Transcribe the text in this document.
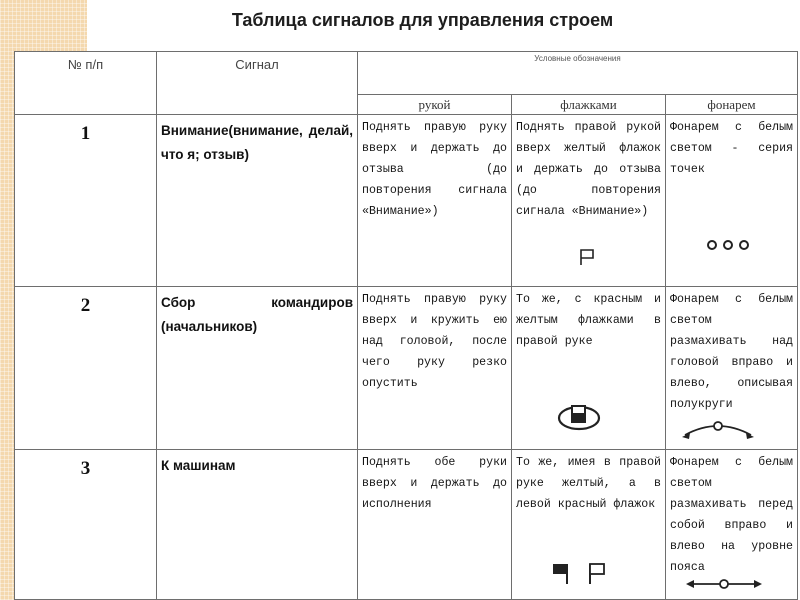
Таблица сигналов для управления строем
№ п/п	Сигнал	Условные обозначения		
		рукой	флажками	фонарем
1	Внимание(внимание, делай, что я; отзыв)	Поднять правую руку вверх и держать до отзыва (до повторения сигнала «Внимание»)	Поднять правой рукой вверх желтый флажок и держать до отзыва (до повторения сигнала «Внимание»)	Фонарем с белым светом - серия точек

2	Сбор командиров (начальников)	Поднять правую руку вверх и кружить ею над головой, после чего руку резко опустить	То же, с красным и желтым флажками в правой руке	Фонарем с белым светом размахивать над головой вправо и влево, описывая полукруги

3	К машинам	Поднять обе руки вверх и держать до исполнения	То же, имея в правой руке желтый, а в левой красный флажок	Фонарем с белым светом размахивать перед собой вправо и влево на уровне пояса
